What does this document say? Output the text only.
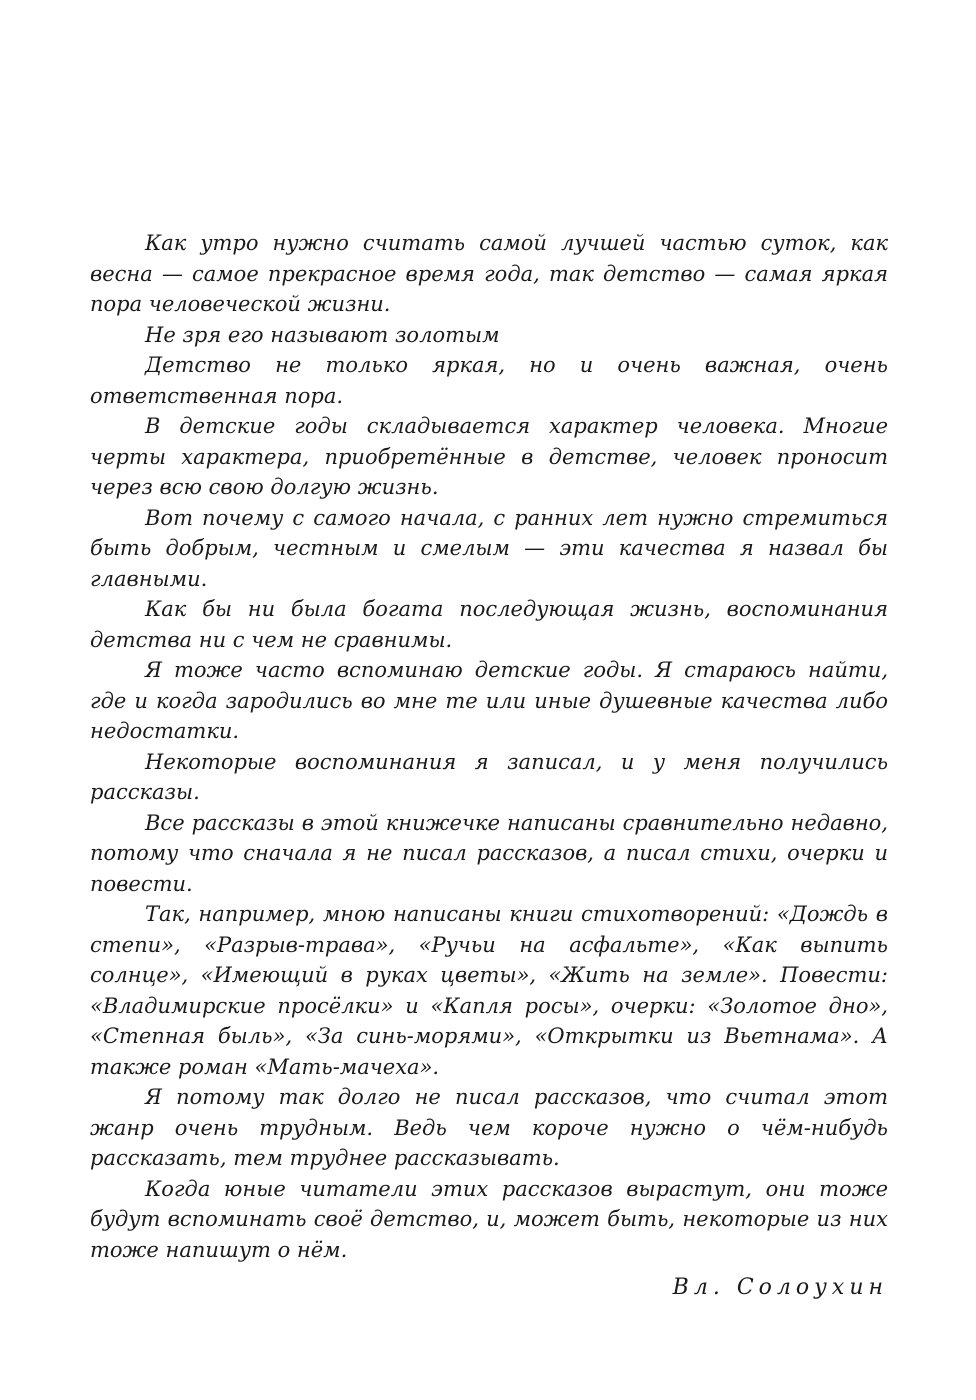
Как утро нужно считать самой лучшей частью суток, как весна — самое прекрасное время года, так детство — самая яркая пора человеческой жизни.

Не зря его называют золотым

Детство не только яркая, но и очень важная, очень ответственная пора.

В детские годы складывается характер человека. Многие черты характера, приобретённые в детстве, человек проносит через всю свою долгую жизнь.

Вот почему с самого начала, с ранних лет нужно стремиться быть добрым, честным и смелым — эти качества я назвал бы главными.

Как бы ни была богата последующая жизнь, воспоминания детства ни с чем не сравнимы.

Я тоже часто вспоминаю детские годы. Я стараюсь найти, где и когда зародились во мне те или иные душевные качества либо недостатки.

Некоторые воспоминания я записал, и у меня получились рассказы.

Все рассказы в этой книжечке написаны сравнительно недавно, потому что сначала я не писал рассказов, а писал стихи, очерки и повести.

Так, например, мною написаны книги стихотворений: «Дождь в степи», «Разрыв-трава», «Ручьи на асфальте», «Как выпить солнце», «Имеющий в руках цветы», «Жить на земле». Повести: «Владимирские просёлки» и «Капля росы», очерки: «Золотое дно», «Степная быль», «За синь-морями», «Открытки из Вьетнама». А также роман «Мать-мачеха».

Я потому так долго не писал рассказов, что считал этот жанр очень трудным. Ведь чем короче нужно о чём-нибудь рассказать, тем труднее рассказывать.

Когда юные читатели этих рассказов вырастут, они тоже будут вспоминать своё детство, и, может быть, некоторые из них тоже напишут о нём.

Вл. Солоухин
